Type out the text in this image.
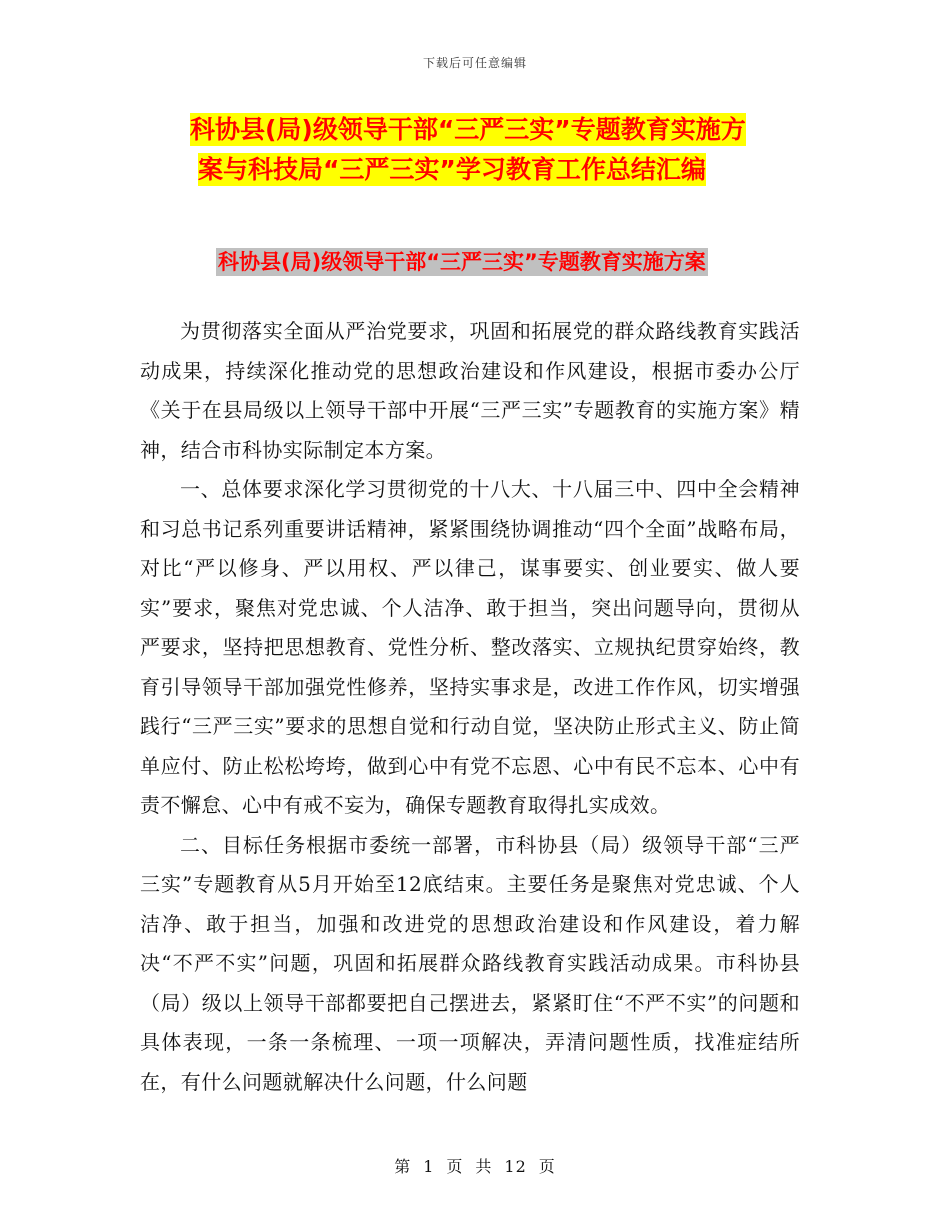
下载后可任意编辑
科协县(局)级领导干部“三严三实”专题教育实施方
案与科技局“三严三实”学习教育工作总结汇编
科协县(局)级领导干部“三严三实”专题教育实施方案

为贯彻落实全面从严治党要求，巩固和拓展党的群众路线教育实践活动成果，持续深化推动党的思想政治建设和作风建设，根据市委办公厅《关于在县局级以上领导干部中开展“三严三实”专题教育的实施方案》精神，结合市科协实际制定本方案。

一、总体要求深化学习贯彻党的十八大、十八届三中、四中全会精神和习总书记系列重要讲话精神，紧紧围绕协调推动“四个全面”战略布局，对比“严以修身、严以用权、严以律己，谋事要实、创业要实、做人要实”要求，聚焦对党忠诚、个人洁净、敢于担当，突出问题导向，贯彻从严要求，坚持把思想教育、党性分析、整改落实、立规执纪贯穿始终，教育引导领导干部加强党性修养，坚持实事求是，改进工作作风，切实增强践行“三严三实”要求的思想自觉和行动自觉，坚决防止形式主义、防止简单应付、防止松松垮垮，做到心中有党不忘恩、心中有民不忘本、心中有责不懈怠、心中有戒不妄为，确保专题教育取得扎实成效。

二、目标任务根据市委统一部署，市科协县（局）级领导干部“三严三实”专题教育从5月开始至12底结束。主要任务是聚焦对党忠诚、个人洁净、敢于担当，加强和改进党的思想政治建设和作风建设，着力解决“不严不实”问题，巩固和拓展群众路线教育实践活动成果。市科协县（局）级以上领导干部都要把自己摆进去，紧紧盯住“不严不实”的问题和具体表现，一条一条梳理、一项一项解决，弄清问题性质，找准症结所在，有什么问题就解决什么问题，什么问题

第 1 页 共 12 页
